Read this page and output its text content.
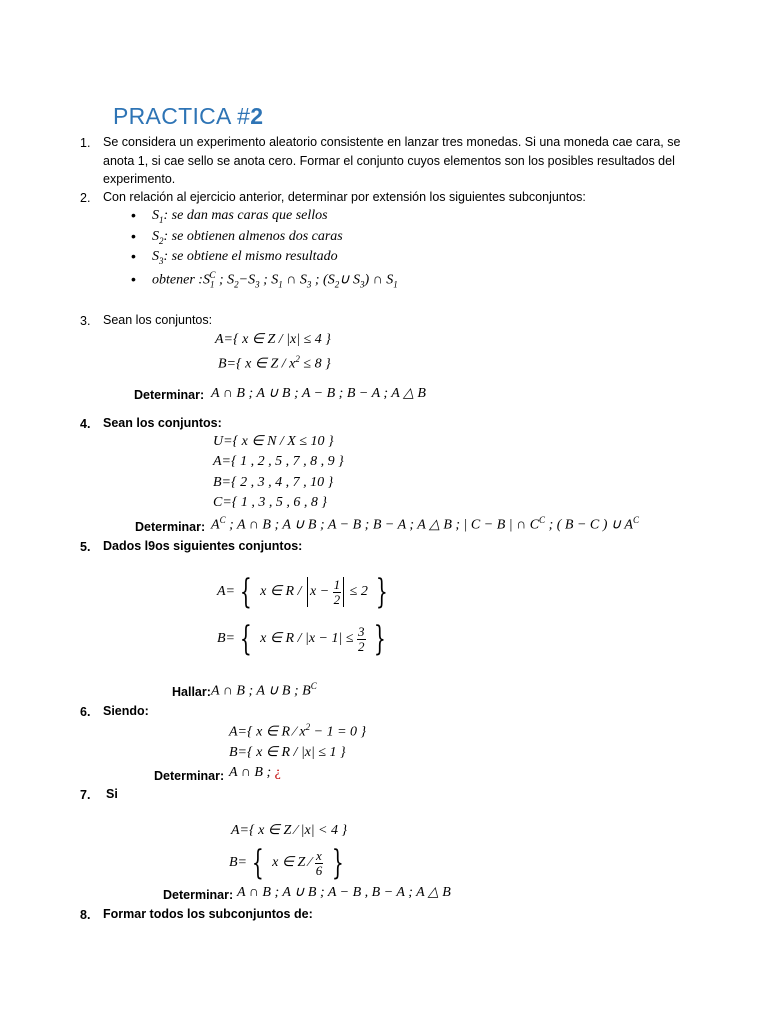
PRACTICA #2
1. Se considera un experimento aleatorio consistente en lanzar tres monedas. Si una moneda cae cara, se
anota 1, si cae sello se anota cero. Formar el conjunto cuyos elementos son los posibles resultados del
experimento.
2. Con relación al ejercicio anterior, determinar por extensión los siguientes subconjuntos:
• $S_1$: se dan mas caras que sellos
• $S_2$: se obtienen almenos dos caras
• $S_3$: se obtiene el mismo resultado
• obtener $:S_1^C$ ; $S_2-S_3$ ; $S_1$ ∩ $S_3$ ; ($S_2\cup$ $S_3$) ∩ $S_1$
3. Sean los conjuntos:
A={ x ∈ Z / |x| ≤ 4 }
B={ x ∈ $Z / x^2 \le 8$ }
Determinar: A ∩ B ; A ∪ B ; A − B ; B − A ; A △ B
4. Sean los conjuntos:
U={ x ∈ N / X ≤ 10 }
A={ 1 , 2 , 5 , 7 , 8 , 9 }
B={ 2 , 3 , 4 , 7 , 10 }
C={ 1 , 3 , 5 , 6 , 8 }
Determinar: $A^C$ ; A ∩ B ; A ∪ B ; A − B ; B − A ; A △ B ; | C − B | ∩ $C^C$ ; ( B − C ) ∪ $A^C$
5. Dados l9os siguientes conjuntos:
A= { x ∈ $R / x - \frac{1}{2} \le 2$ }
B= { x ∈ $R / |x - 1| \le \frac{3}{2}$ }
Hallar: A ∩ B ; A ∪ B ; $B^C$
6. Siendo:
A={ x ∈ R ⁄ $x^2 - 1 = 0$ }
B={ x ∈ R / |x| ≤ 1 }
Determinar: A ∩ B ; ¿
7. Si
A={ x ∈ Z ⁄ |x| < 4 }
B= { x ∈ Z ⁄ $\frac{x}{6}$ }
Determinar: A ∩ B ; A ∪ B ; A − B , B − A ; A △ B
8. Formar todos los subconjuntos de:
